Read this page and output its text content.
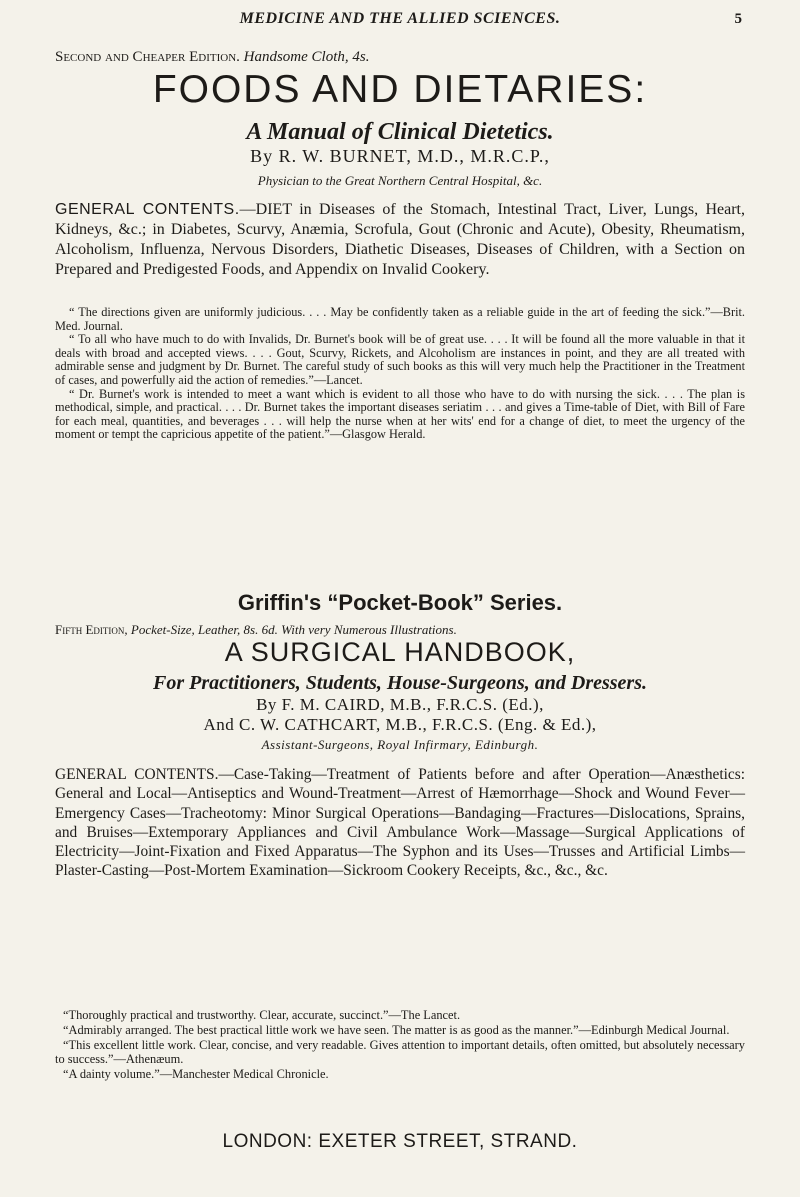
MEDICINE AND THE ALLIED SCIENCES.	5
Second and Cheaper Edition. Handsome Cloth, 4s.
FOODS AND DIETARIES:
A Manual of Clinical Dietetics.
By R. W. BURNET, M.D., M.R.C.P.,
Physician to the Great Northern Central Hospital, &c.
GENERAL CONTENTS.—DIET in Diseases of the Stomach, Intestinal Tract, Liver, Lungs, Heart, Kidneys, &c.; in Diabetes, Scurvy, Anæmia, Scrofula, Gout (Chronic and Acute), Obesity, Rheumatism, Alcoholism, Influenza, Nervous Disorders, Diathetic Diseases, Diseases of Children, with a Section on Prepared and Predigested Foods, and Appendix on Invalid Cookery.

“ The directions given are uniformly judicious. . . . May be confidently taken as a reliable guide in the art of feeding the sick.”—Brit. Med. Journal.

“ To all who have much to do with Invalids, Dr. Burnet's book will be of great use. . . . It will be found all the more valuable in that it deals with broad and accepted views. . . . Gout, Scurvy, Rickets, and Alcoholism are instances in point, and they are all treated with admirable sense and judgment by Dr. Burnet. The careful study of such books as this will very much help the Practitioner in the Treatment of cases, and powerfully aid the action of remedies.”—Lancet.

“ Dr. Burnet's work is intended to meet a want which is evident to all those who have to do with nursing the sick. . . . The plan is methodical, simple, and practical. . . . Dr. Burnet takes the important diseases seriatim . . . and gives a Time-table of Diet, with Bill of Fare for each meal, quantities, and beverages . . . will help the nurse when at her wits' end for a change of diet, to meet the urgency of the moment or tempt the capricious appetite of the patient.”—Glasgow Herald.

Griffin's “Pocket-Book” Series.
Fifth Edition, Pocket-Size, Leather, 8s. 6d. With very Numerous Illustrations.
A SURGICAL HANDBOOK,
For Practitioners, Students, House-Surgeons, and Dressers.
By F. M. CAIRD, M.B., F.R.C.S. (Ed.),
And C. W. CATHCART, M.B., F.R.C.S. (Eng. & Ed.),
Assistant-Surgeons, Royal Infirmary, Edinburgh.
GENERAL CONTENTS.—Case-Taking—Treatment of Patients before and after Operation—Anæsthetics: General and Local—Antiseptics and Wound-Treatment—Arrest of Hæmorrhage—Shock and Wound Fever—Emergency Cases—Tracheotomy: Minor Surgical Operations—Bandaging—Fractures—Dislocations, Sprains, and Bruises—Extemporary Appliances and Civil Ambulance Work—Massage—Surgical Applications of Electricity—Joint-Fixation and Fixed Apparatus—The Syphon and its Uses—Trusses and Artificial Limbs—Plaster-Casting—Post-Mortem Examination—Sickroom Cookery Receipts, &c., &c., &c.

“Thoroughly practical and trustworthy. Clear, accurate, succinct.”—The Lancet.

“Admirably arranged. The best practical little work we have seen. The matter is as good as the manner.”—Edinburgh Medical Journal.

“This excellent little work. Clear, concise, and very readable. Gives attention to important details, often omitted, but absolutely necessary to success.”—Athenæum.

“A dainty volume.”—Manchester Medical Chronicle.

LONDON: EXETER STREET, STRAND.
